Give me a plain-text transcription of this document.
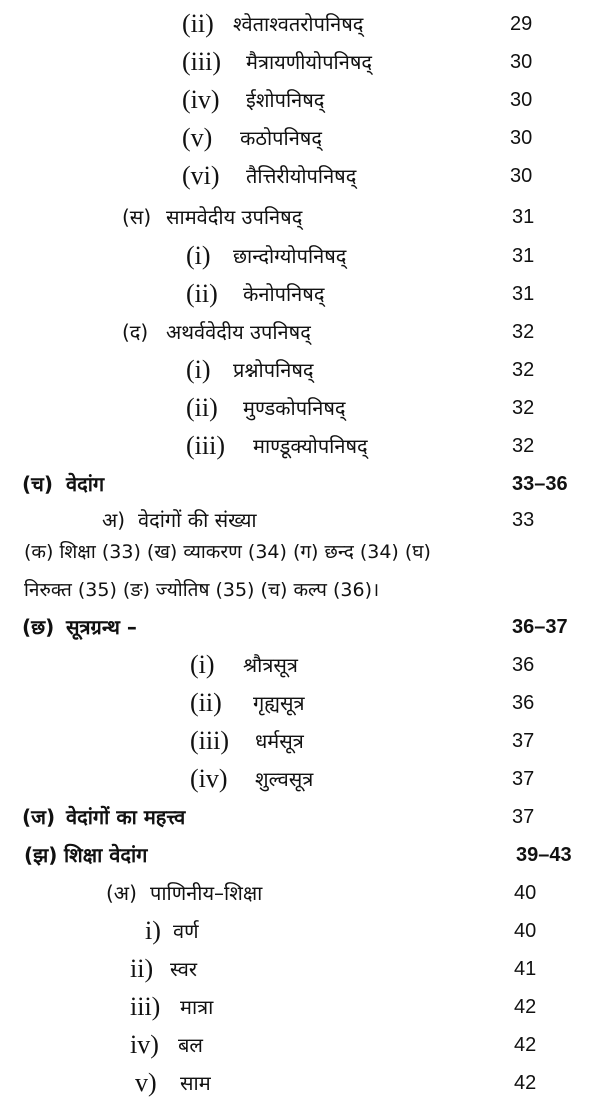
(ii) श्वेताश्वतरोपनिषद्	29
(iii) मैत्रायणीयोपनिषद्	30
(iv) ईशोपनिषद्	30
(v) कठोपनिषद्	30
(vi) तैत्तिरीयोपनिषद्	30
(स) सामवेदीय उपनिषद्	31
(i) छान्दोग्योपनिषद्	31
(ii) केनोपनिषद्	31
(द) अथर्ववेदीय उपनिषद्	32
(i) प्रश्नोपनिषद्	32
(ii) मुण्डकोपनिषद्	32
(iii) माण्डूक्योपनिषद्	32
(च) वेदांग	33–36
अ) वेदांगों की संख्या	33
(क) शिक्षा (33) (ख) व्याकरण (34) (ग) छन्द (34) (घ)
निरुक्त (35) (ङ) ज्योतिष (35) (च) कल्प (36)।
(छ) सूत्रग्रन्थ –	36–37
(i) श्रौत्रसूत्र	36
(ii) गृह्यसूत्र	36
(iii) धर्मसूत्र	37
(iv) शुल्वसूत्र	37
(ज) वेदांगों का महत्त्व	37
(झ) शिक्षा वेदांग	39–43
(अ) पाणिनीय–शिक्षा	40
i) वर्ण	40
ii) स्वर	41
iii) मात्रा	42
iv) बल	42
v) साम	42
